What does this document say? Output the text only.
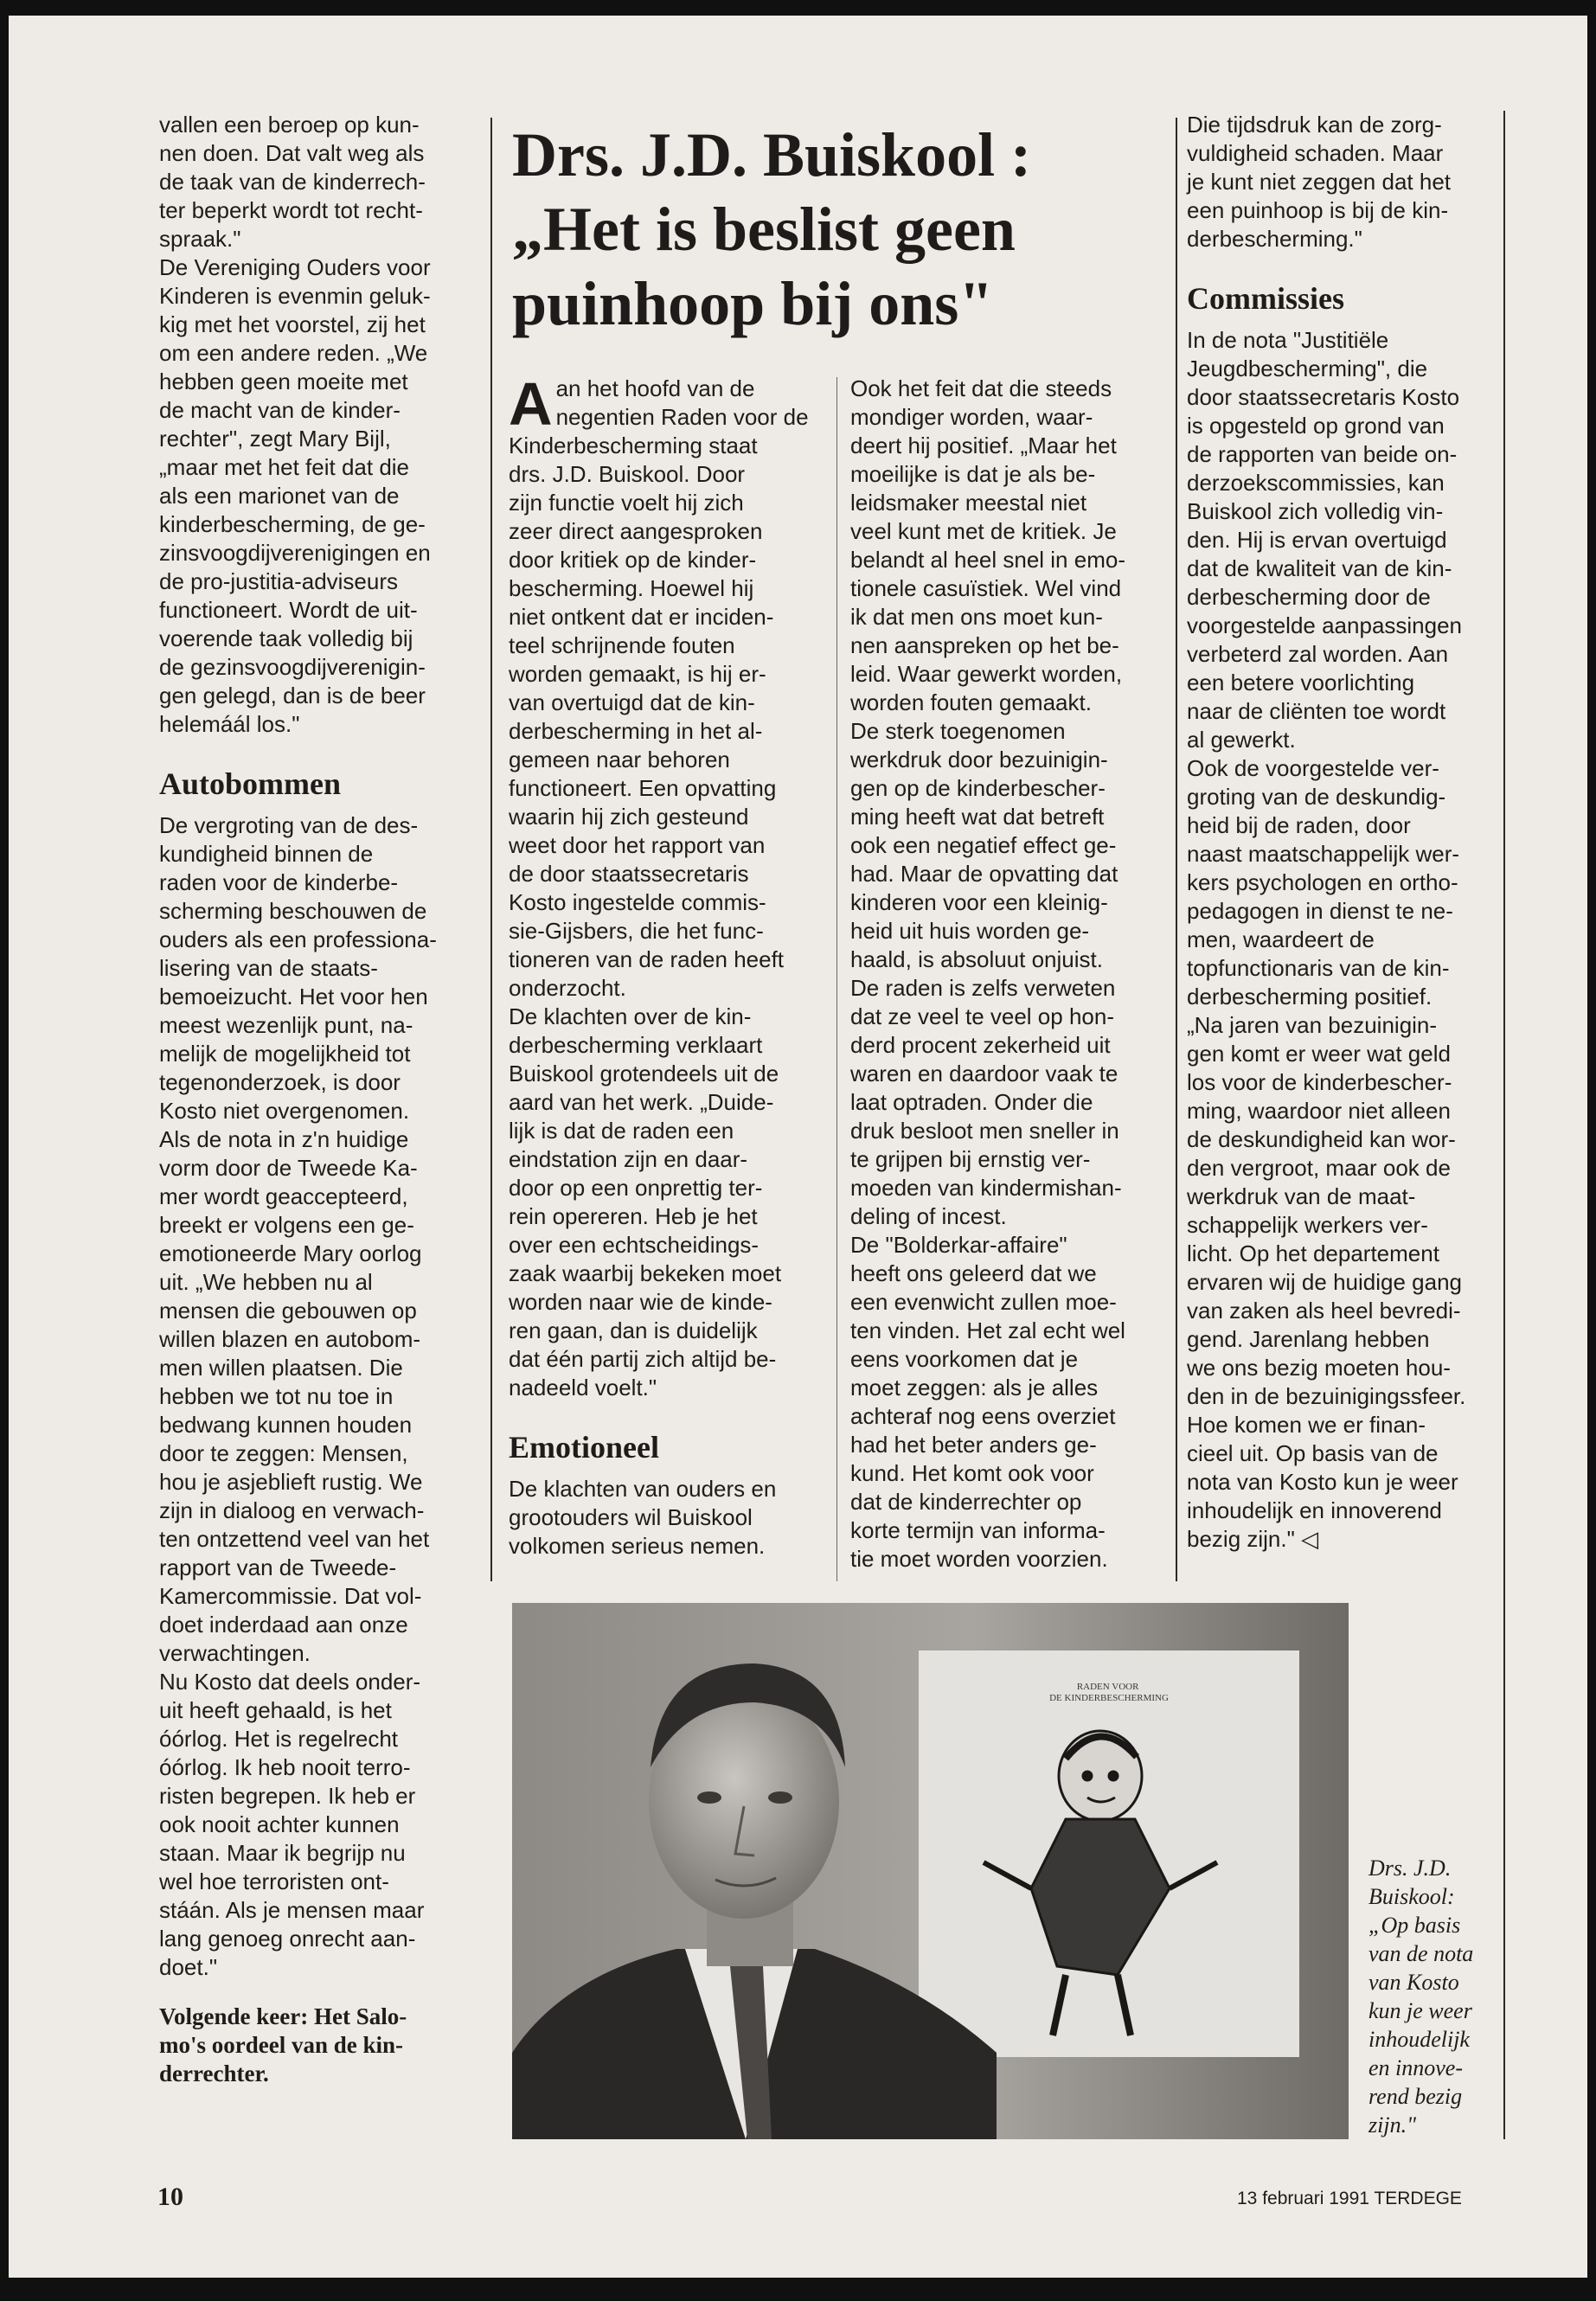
vallen een beroep op kun-
nen doen. Dat valt weg als
de taak van de kinderrech-
ter beperkt wordt tot recht-
spraak."

De Vereniging Ouders voor
Kinderen is evenmin geluk-
kig met het voorstel, zij het
om een andere reden. „We
hebben geen moeite met
de macht van de kinder-
rechter", zegt Mary Bijl,
„maar met het feit dat die
als een marionet van de
kinderbescherming, de ge-
zinsvoogdijverenigingen en
de pro-justitia-adviseurs
functioneert. Wordt de uit-
voerende taak volledig bij
de gezinsvoogdijverenigin-
gen gelegd, dan is de beer
helemáál los."

Autobommen

De vergroting van de des-
kundigheid binnen de
raden voor de kinderbe-
scherming beschouwen de
ouders als een professiona-
lisering van de staats-
bemoeizucht. Het voor hen
meest wezenlijk punt, na-
melijk de mogelijkheid tot
tegenonderzoek, is door
Kosto niet overgenomen.
Als de nota in z'n huidige
vorm door de Tweede Ka-
mer wordt geaccepteerd,
breekt er volgens een ge-
emotioneerde Mary oorlog
uit. „We hebben nu al
mensen die gebouwen op
willen blazen en autobom-
men willen plaatsen. Die
hebben we tot nu toe in
bedwang kunnen houden
door te zeggen: Mensen,
hou je asjeblieft rustig. We
zijn in dialoog en verwach-
ten ontzettend veel van het
rapport van de Tweede-
Kamercommissie. Dat vol-
doet inderdaad aan onze
verwachtingen.
Nu Kosto dat deels onder-
uit heeft gehaald, is het
óórlog. Het is regelrecht
óórlog. Ik heb nooit terro-
risten begrepen. Ik heb er
ook nooit achter kunnen
staan. Maar ik begrijp nu
wel hoe terroristen ont-
stáán. Als je mensen maar
lang genoeg onrecht aan-
doet."

Volgende keer: Het Salo-
mo's oordeel van de kin-
derrechter.

Drs. J.D. Buiskool :
„Het is beslist geen
puinhoop bij ons"

Aan het hoofd van de
negentien Raden voor de
Kinderbescherming staat
drs. J.D. Buiskool. Door
zijn functie voelt hij zich
zeer direct aangesproken
door kritiek op de kinder-
bescherming. Hoewel hij
niet ontkent dat er inciden-
teel schrijnende fouten
worden gemaakt, is hij er-
van overtuigd dat de kin-
derbescherming in het al-
gemeen naar behoren
functioneert. Een opvatting
waarin hij zich gesteund
weet door het rapport van
de door staatssecretaris
Kosto ingestelde commis-
sie-Gijsbers, die het func-
tioneren van de raden heeft
onderzocht.
De klachten over de kin-
derbescherming verklaart
Buiskool grotendeels uit de
aard van het werk. „Duide-
lijk is dat de raden een
eindstation zijn en daar-
door op een onprettig ter-
rein opereren. Heb je het
over een echtscheidings-
zaak waarbij bekeken moet
worden naar wie de kinde-
ren gaan, dan is duidelijk
dat één partij zich altijd be-
nadeeld voelt."

Emotioneel

De klachten van ouders en
grootouders wil Buiskool
volkomen serieus nemen.

Ook het feit dat die steeds
mondiger worden, waar-
deert hij positief. „Maar het
moeilijke is dat je als be-
leidsmaker meestal niet
veel kunt met de kritiek. Je
belandt al heel snel in emo-
tionele casuïstiek. Wel vind
ik dat men ons moet kun-
nen aanspreken op het be-
leid. Waar gewerkt worden,
worden fouten gemaakt.
De sterk toegenomen
werkdruk door bezuinigin-
gen op de kinderbescher-
ming heeft wat dat betreft
ook een negatief effect ge-
had. Maar de opvatting dat
kinderen voor een kleinig-
heid uit huis worden ge-
haald, is absoluut onjuist.
De raden is zelfs verweten
dat ze veel te veel op hon-
derd procent zekerheid uit
waren en daardoor vaak te
laat optraden. Onder die
druk besloot men sneller in
te grijpen bij ernstig ver-
moeden van kindermishan-
deling of incest.
De "Bolderkar-affaire"
heeft ons geleerd dat we
een evenwicht zullen moe-
ten vinden. Het zal echt wel
eens voorkomen dat je
moet zeggen: als je alles
achteraf nog eens overziet
had het beter anders ge-
kund. Het komt ook voor
dat de kinderrechter op
korte termijn van informa-
tie moet worden voorzien.

Die tijdsdruk kan de zorg-
vuldigheid schaden. Maar
je kunt niet zeggen dat het
een puinhoop is bij de kin-
derbescherming."

Commissies

In de nota "Justitiële
Jeugdbescherming", die
door staatssecretaris Kosto
is opgesteld op grond van
de rapporten van beide on-
derzoekscommissies, kan
Buiskool zich volledig vin-
den. Hij is ervan overtuigd
dat de kwaliteit van de kin-
derbescherming door de
voorgestelde aanpassingen
verbeterd zal worden. Aan
een betere voorlichting
naar de cliënten toe wordt
al gewerkt.
Ook de voorgestelde ver-
groting van de deskundig-
heid bij de raden, door
naast maatschappelijk wer-
kers psychologen en ortho-
pedagogen in dienst te ne-
men, waardeert de
topfunctionaris van de kin-
derbescherming positief.
„Na jaren van bezuinigin-
gen komt er weer wat geld
los voor de kinderbescher-
ming, waardoor niet alleen
de deskundigheid kan wor-
den vergroot, maar ook de
werkdruk van de maat-
schappelijk werkers ver-
licht. Op het departement
ervaren wij de huidige gang
van zaken als heel bevredi-
gend. Jarenlang hebben
we ons bezig moeten hou-
den in de bezuinigingssfeer.
Hoe komen we er finan-
cieel uit. Op basis van de
nota van Kosto kun je weer
inhoudelijk en innoverend
bezig zijn." ◁

RADEN VOOR DE KINDERBESCHERMING
Drs. J.D.
Buiskool:
„Op basis
van de nota
van Kosto
kun je weer
inhoudelijk
en innove-
rend bezig
zijn."
10	13 februari 1991 TERDEGE
